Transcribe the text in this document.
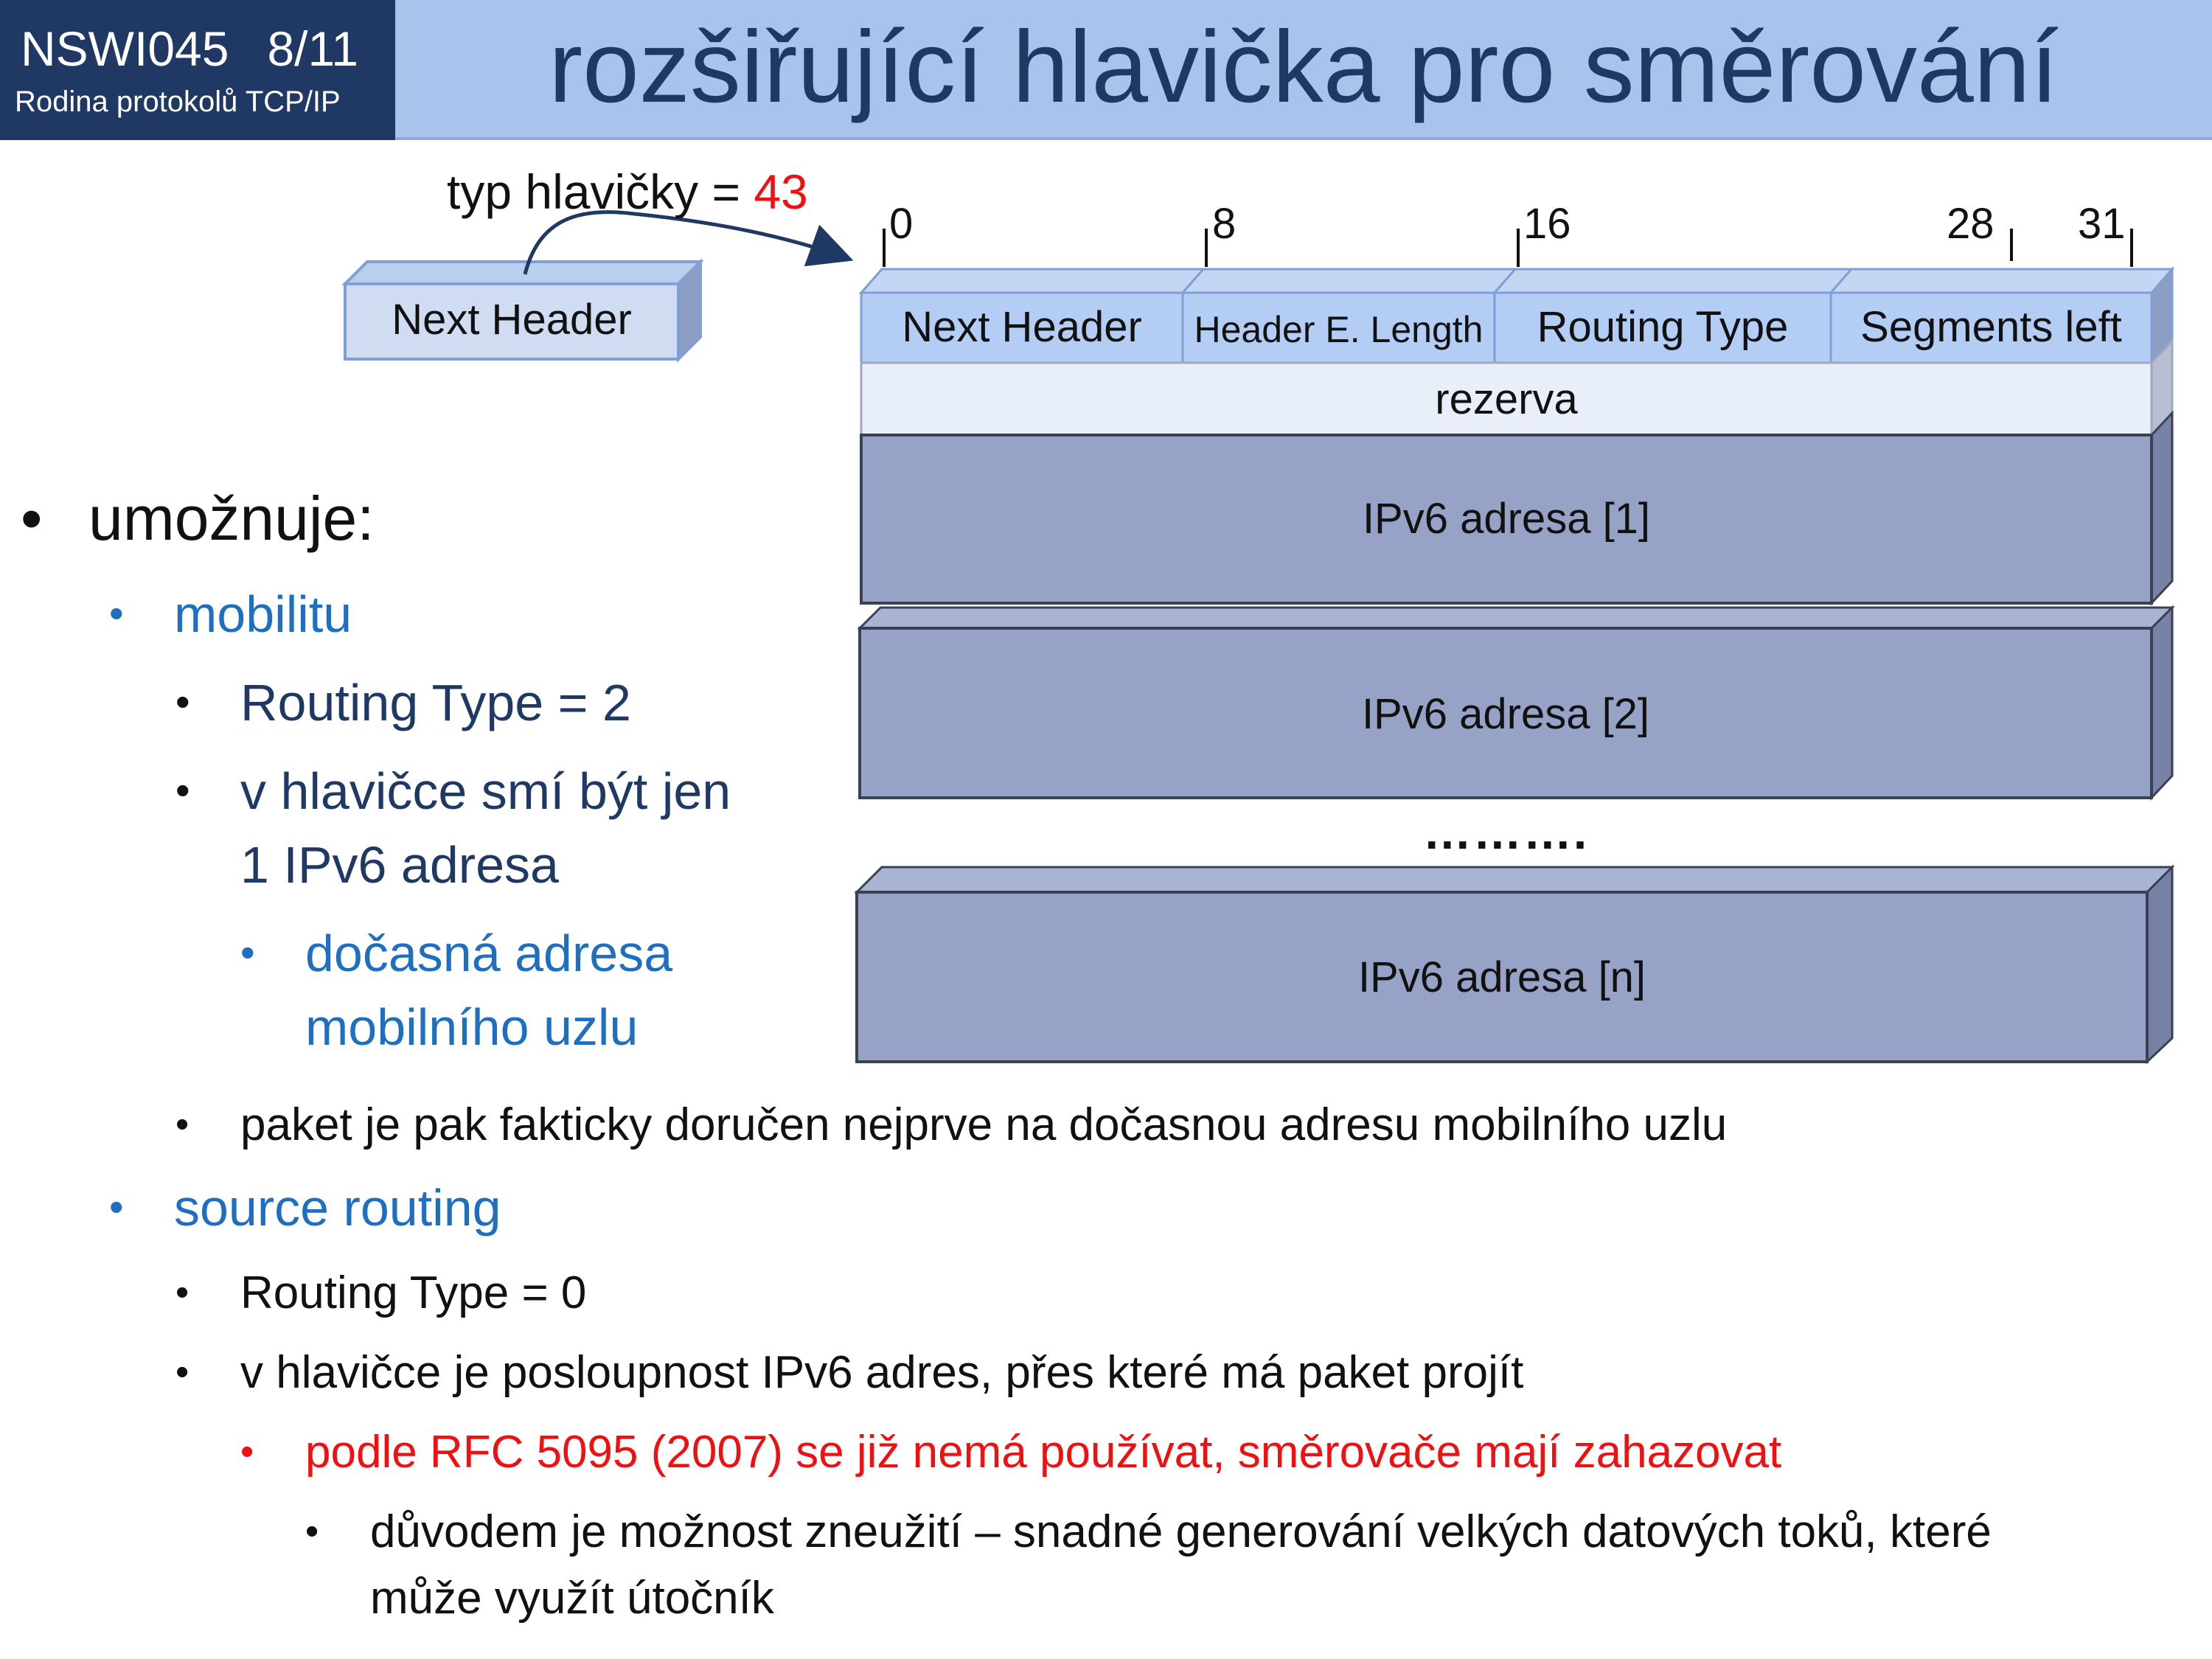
NSWI045 8/11
Rodina protokolů TCP/IP	rozšiřující hlavička pro směrování
typ hlavičky = 43
Next Header
0	8	16	28 31
Next Header	Header E. Length	Routing Type	Segments left
rezerva
IPv6 adresa [1]
IPv6 adresa [2]
……….
IPv6 adresa [n]
• umožnuje:
• mobilitu
• Routing Type = 2
• v hlavičce smí být jen
1 IPv6 adresa
• dočasná adresa
mobilního uzlu
• paket je pak fakticky doručen nejprve na dočasnou adresu mobilního uzlu
• source routing
• Routing Type = 0
• v hlavičce je posloupnost IPv6 adres, přes které má paket projít
• podle RFC 5095 (2007) se již nemá používat, směrovače mají zahazovat
• důvodem je možnost zneužití – snadné generování velkých datových toků, které
může využít útočník
